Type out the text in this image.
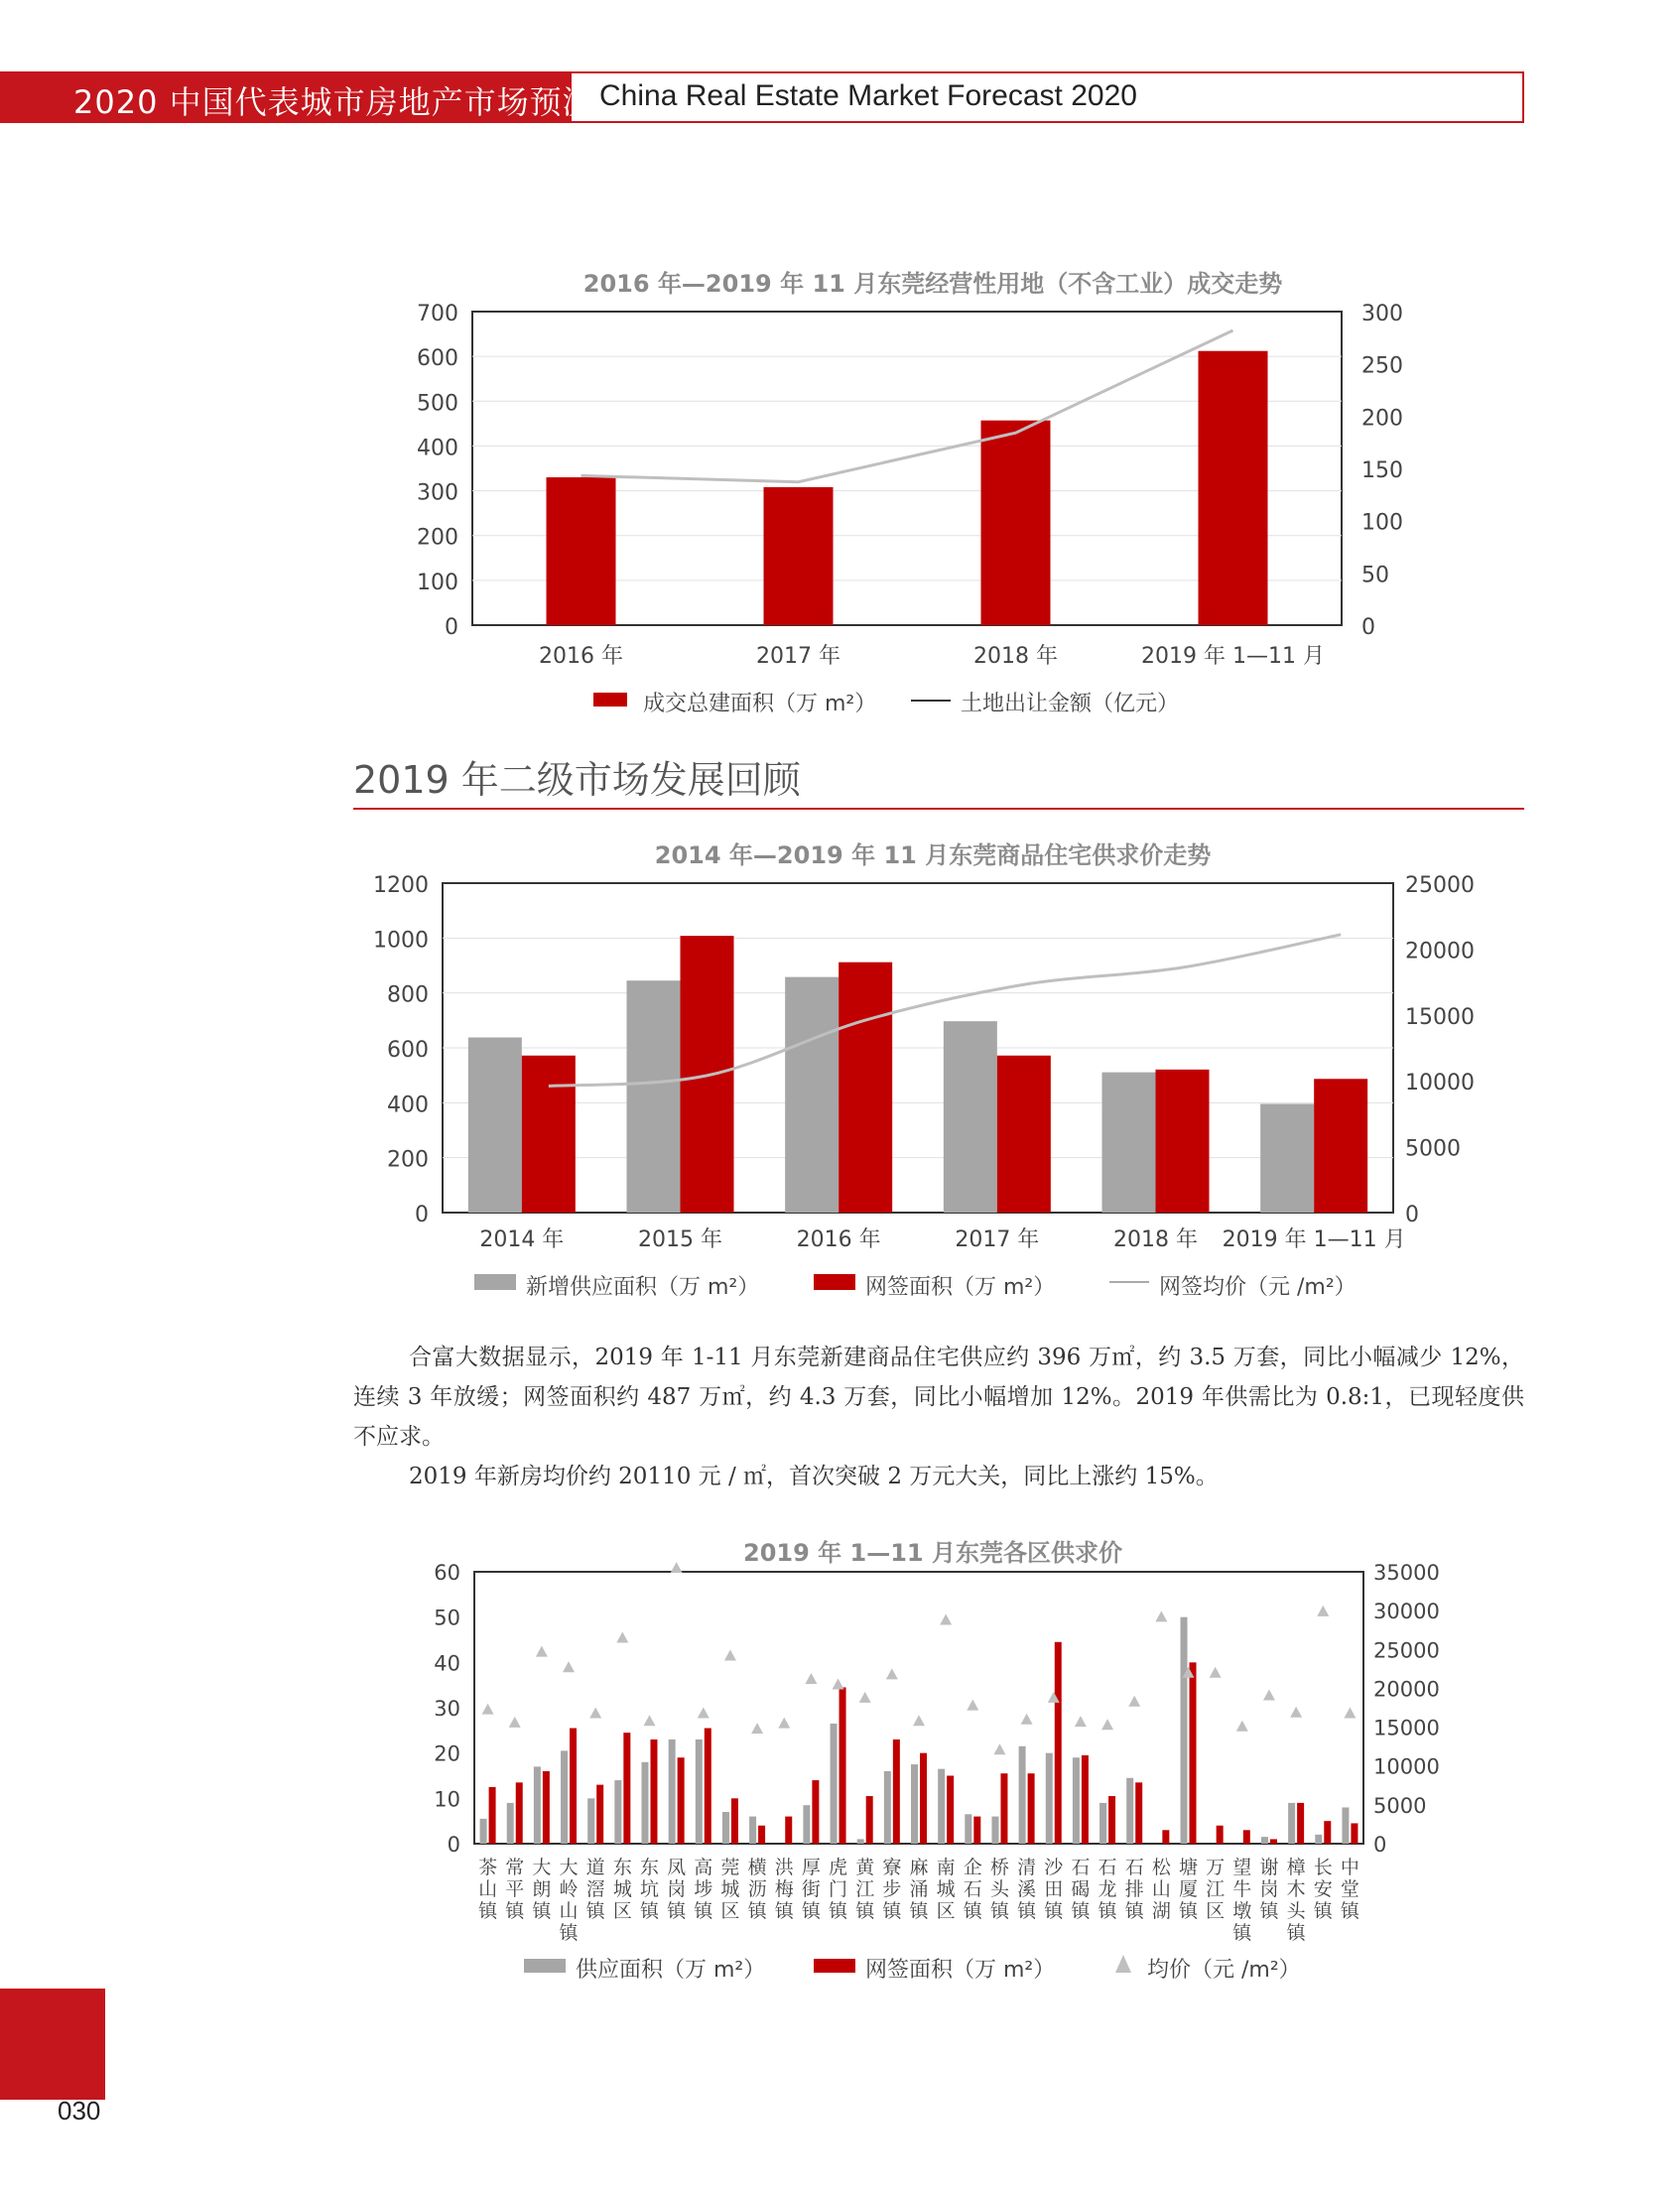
2020 中国代表城市房地产市场预测 China Real Estate Market Forecast 2020
2016 年—2019 年 11 月东莞经营性用地（不含工业）成交走势
700
600
500
400
300
200
100
0
300
250
200
150
100
50
0
2016 年	2017 年	2018 年	2019 年 1—11 月
成交总建面积（万 m²）	土地出让金额（亿元）
2019 年二级市场发展回顾
2014 年—2019 年 11 月东莞商品住宅供求价走势
1200
1000
800
600
400
200
0
25000
20000
15000
10000
5000
0
2014 年	2015 年	2016 年	2017 年	2018 年 2019 年 1—11 月
新增供应面积（万 m²）	网签面积（万 m²）	网签均价（元 /m²）

合富大数据显示，2019 年 1-11 月东莞新建商品住宅供应约 396 万㎡，约 3.5 万套，同比小幅减少 12%，连续 3 年放缓；网签面积约 487 万㎡，约 4.3 万套，同比小幅增加 12%。2019 年供需比为 0.8:1，已现轻度供不应求。

2019 年新房均价约 20110 元 / ㎡，首次突破 2 万元大关，同比上涨约 15%。

2019 年 1—11 月东莞各区供求价
60
50
40
30
20
10
0
35000
30000
25000
20000
15000
10000
5000
0
茶山镇
常平镇
大朗镇
大岭山镇
道滘镇
东城区
东坑镇
凤岗镇
高埗镇
莞城区
横沥镇
洪梅镇
厚街镇
虎门镇
黄江镇
寮步镇
麻涌镇
南城区
企石镇
桥头镇
清溪镇
沙田镇
石碣镇
石龙镇
石排镇
松山湖
塘厦镇
万江区
望牛墩镇
谢岗镇
樟木头镇
长安镇
中堂镇
供应面积（万 m²）	网签面积（万 m²）	均价（元 /m²）
030
